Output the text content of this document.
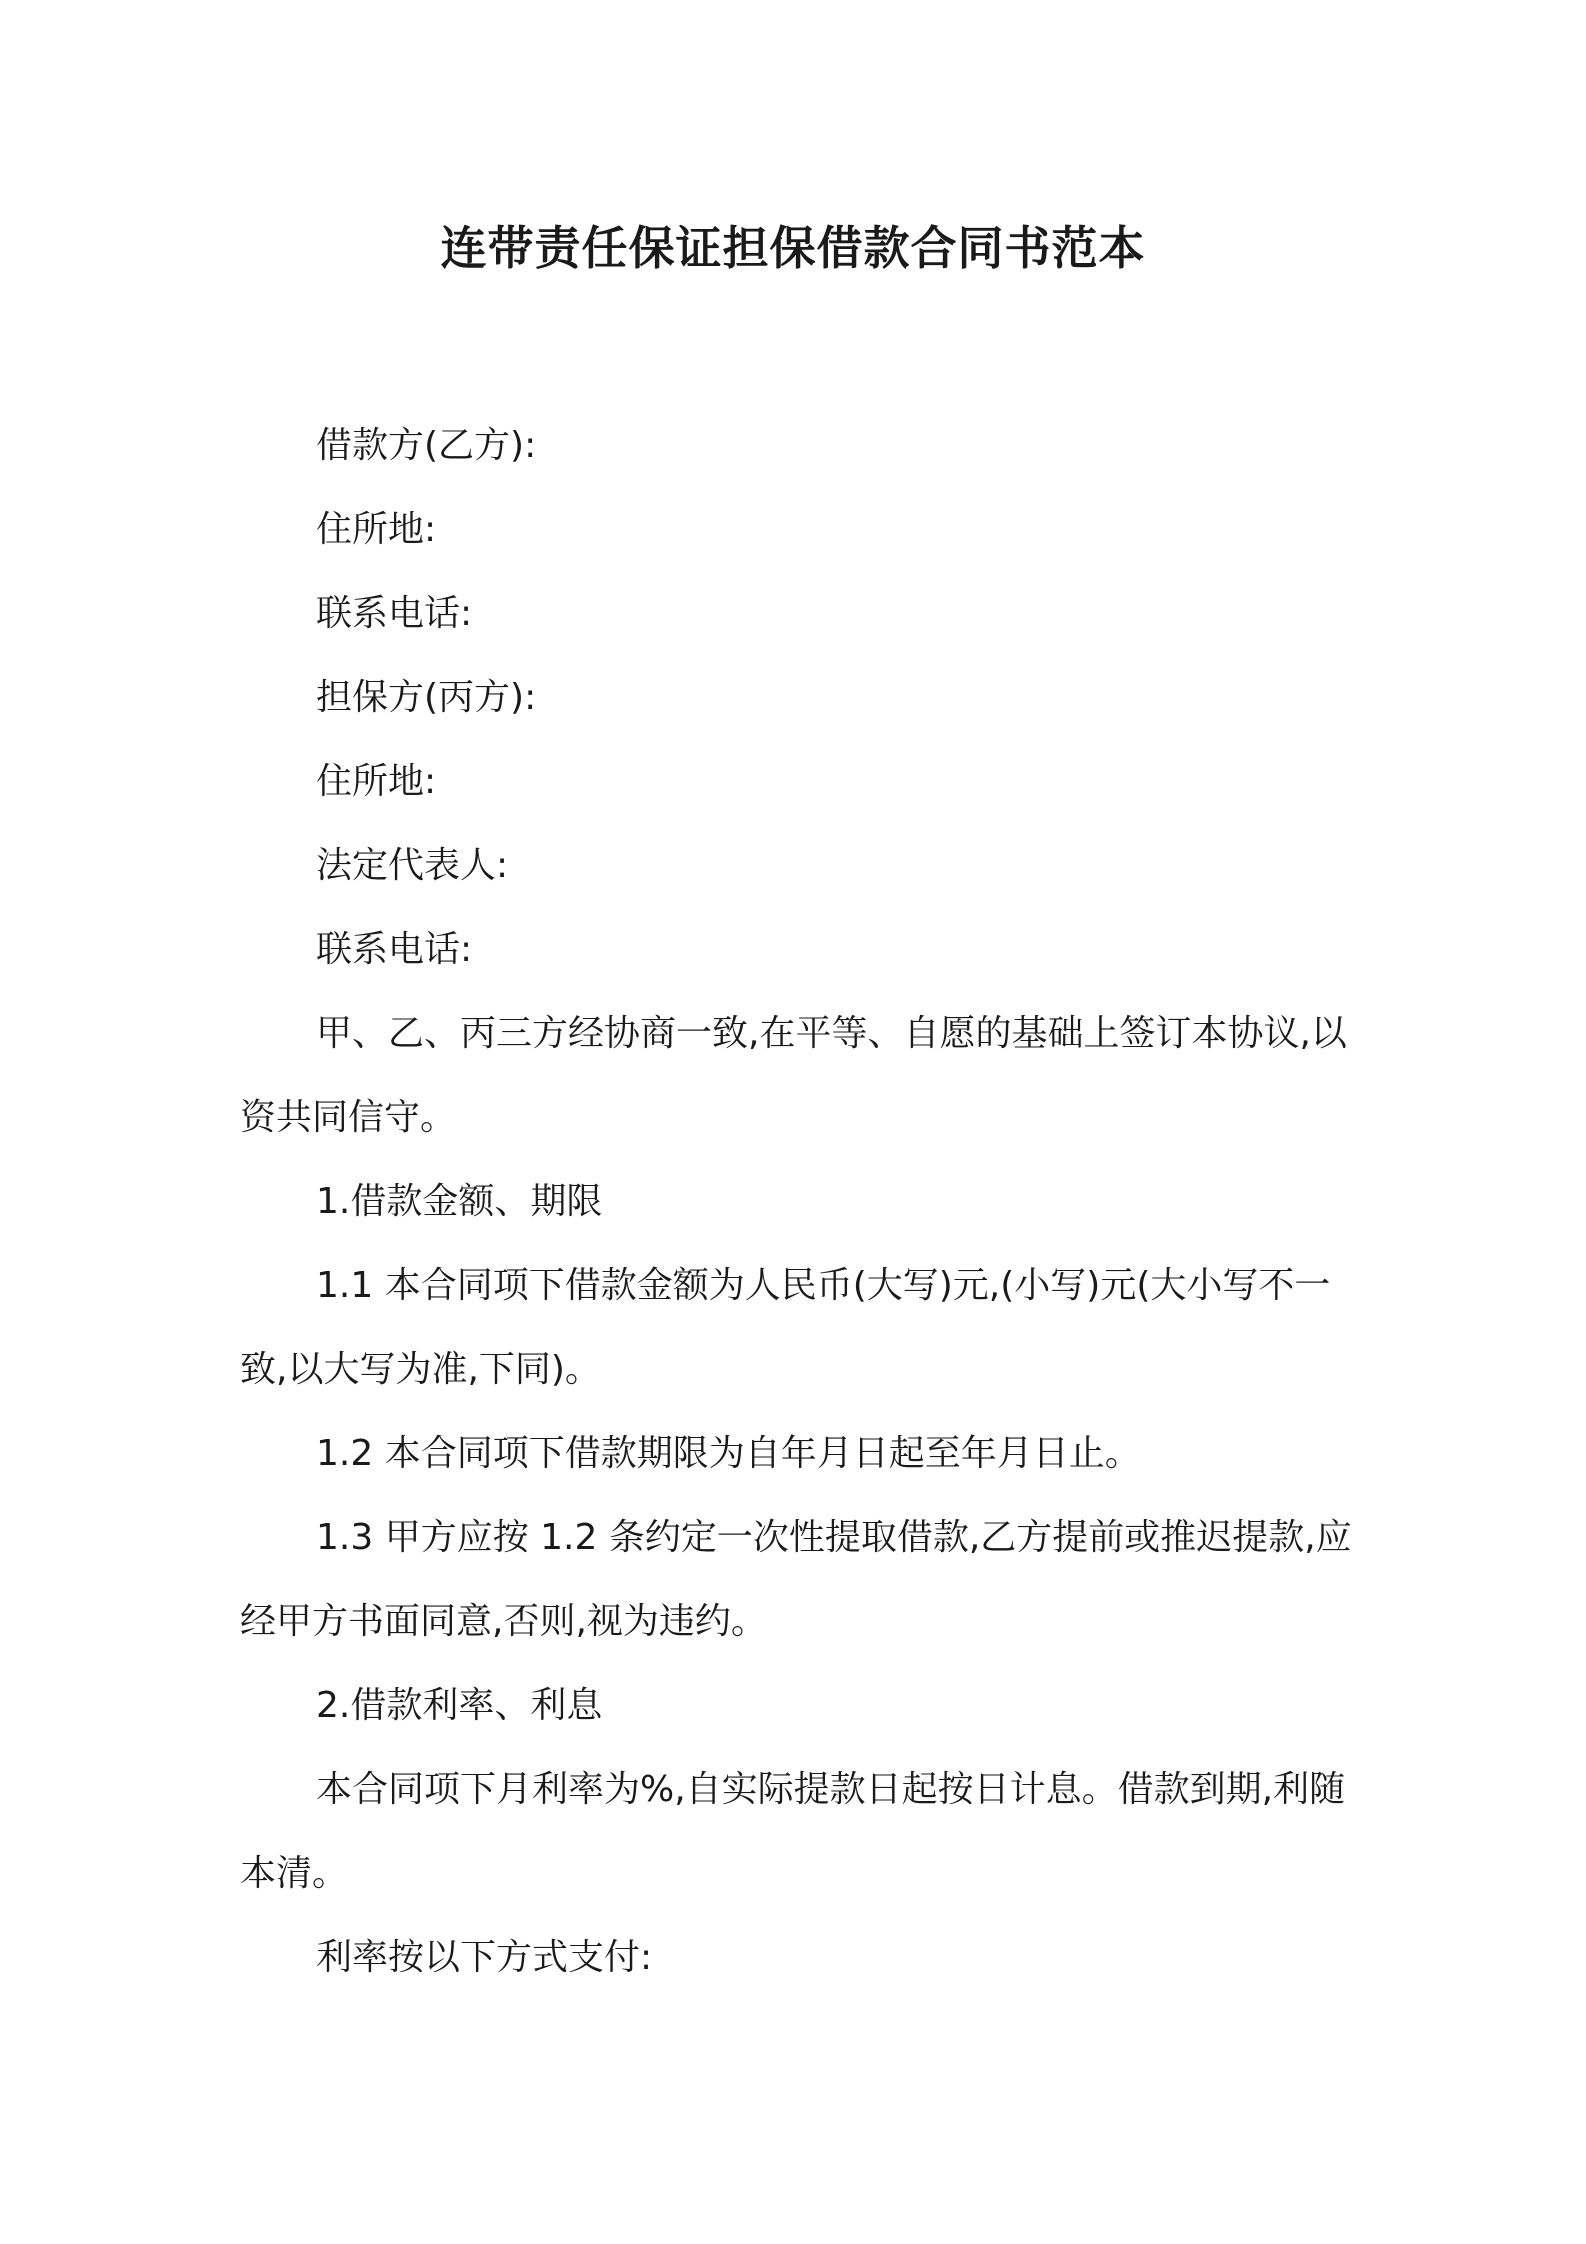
连带责任保证担保借款合同书范本

借款方(乙方):

住所地:

联系电话:

担保方(丙方):

住所地:

法定代表人:

联系电话:

甲、乙、丙三方经协商一致,在平等、自愿的基础上签订本协议,以资共同信守。

1.借款金额、期限

1.1 本合同项下借款金额为人民币(大写)元,(小写)元(大小写不一致,以大写为准,下同)。

1.2 本合同项下借款期限为自年月日起至年月日止。

1.3 甲方应按 1.2 条约定一次性提取借款,乙方提前或推迟提款,应经甲方书面同意,否则,视为违约。

2.借款利率、利息

本合同项下月利率为%,自实际提款日起按日计息。借款到期,利随本清。

利率按以下方式支付:
